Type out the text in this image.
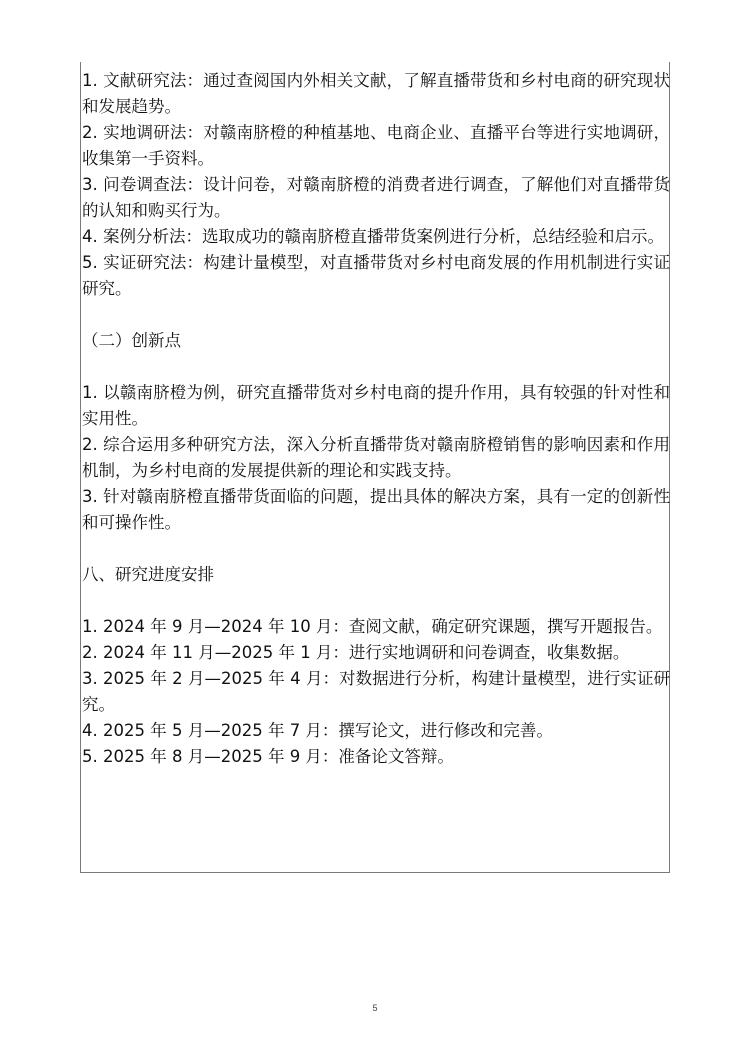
1. 文献研究法：通过查阅国内外相关文献，了解直播带货和乡村电商的研究现状和发展趋势。

2. 实地调研法：对赣南脐橙的种植基地、电商企业、直播平台等进行实地调研，收集第一手资料。

3. 问卷调查法：设计问卷，对赣南脐橙的消费者进行调查，了解他们对直播带货的认知和购买行为。

4. 案例分析法：选取成功的赣南脐橙直播带货案例进行分析，总结经验和启示。

5. 实证研究法：构建计量模型，对直播带货对乡村电商发展的作用机制进行实证研究。

（二）创新点

1. 以赣南脐橙为例，研究直播带货对乡村电商的提升作用，具有较强的针对性和实用性。

2. 综合运用多种研究方法，深入分析直播带货对赣南脐橙销售的影响因素和作用机制，为乡村电商的发展提供新的理论和实践支持。

3. 针对赣南脐橙直播带货面临的问题，提出具体的解决方案，具有一定的创新性和可操作性。

八、研究进度安排

1. 2024 年 9 月—2024 年 10 月：查阅文献，确定研究课题，撰写开题报告。

2. 2024 年 11 月—2025 年 1 月：进行实地调研和问卷调查，收集数据。

3. 2025 年 2 月—2025 年 4 月：对数据进行分析，构建计量模型，进行实证研究。

4. 2025 年 5 月—2025 年 7 月：撰写论文，进行修改和完善。

5. 2025 年 8 月—2025 年 9 月：准备论文答辩。

5
